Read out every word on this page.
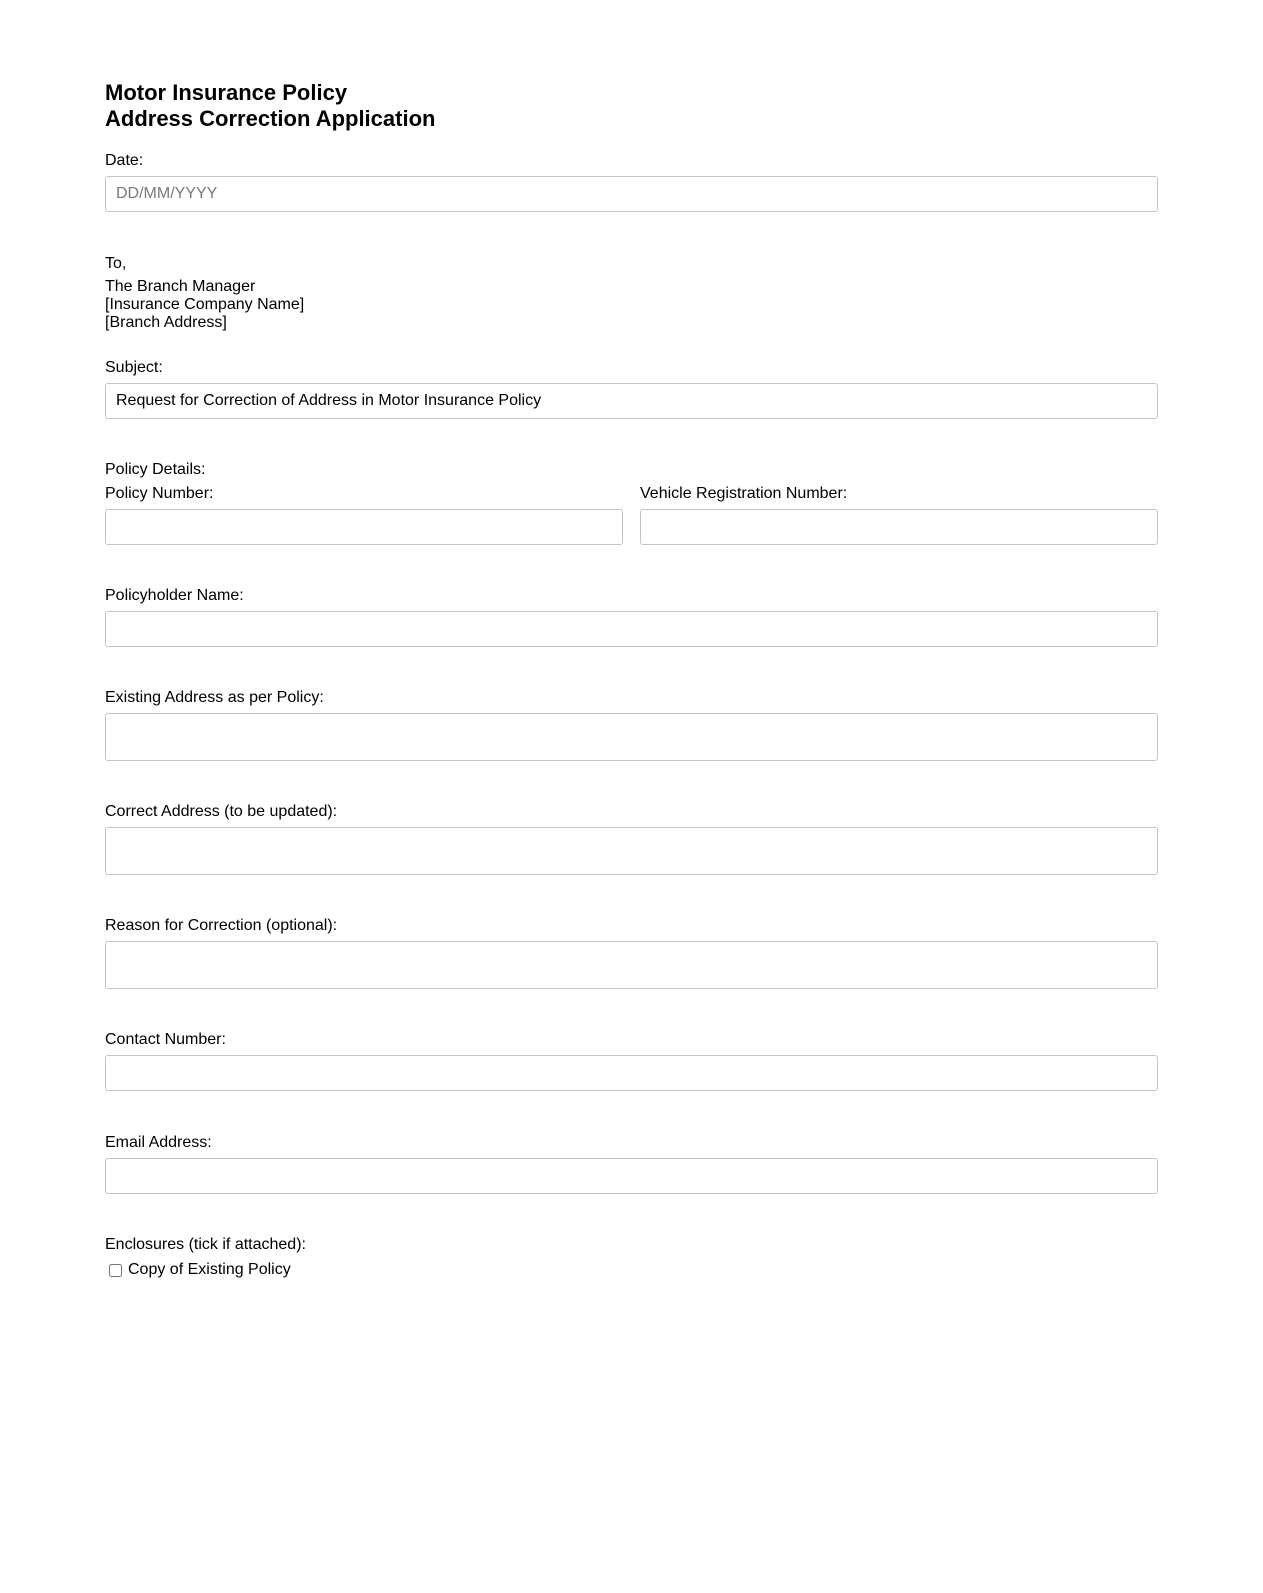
Motor Insurance Policy
Address Correction Application
Date:
DD/MM/YYYY
To,
The Branch Manager
[Insurance Company Name]
[Branch Address]
Subject:
Request for Correction of Address in Motor Insurance Policy
Policy Details:
Policy Number:	Vehicle Registration Number:
Policyholder Name:
Existing Address as per Policy:
Correct Address (to be updated):
Reason for Correction (optional):
Contact Number:
Email Address:
Enclosures (tick if attached):
Copy of Existing Policy
